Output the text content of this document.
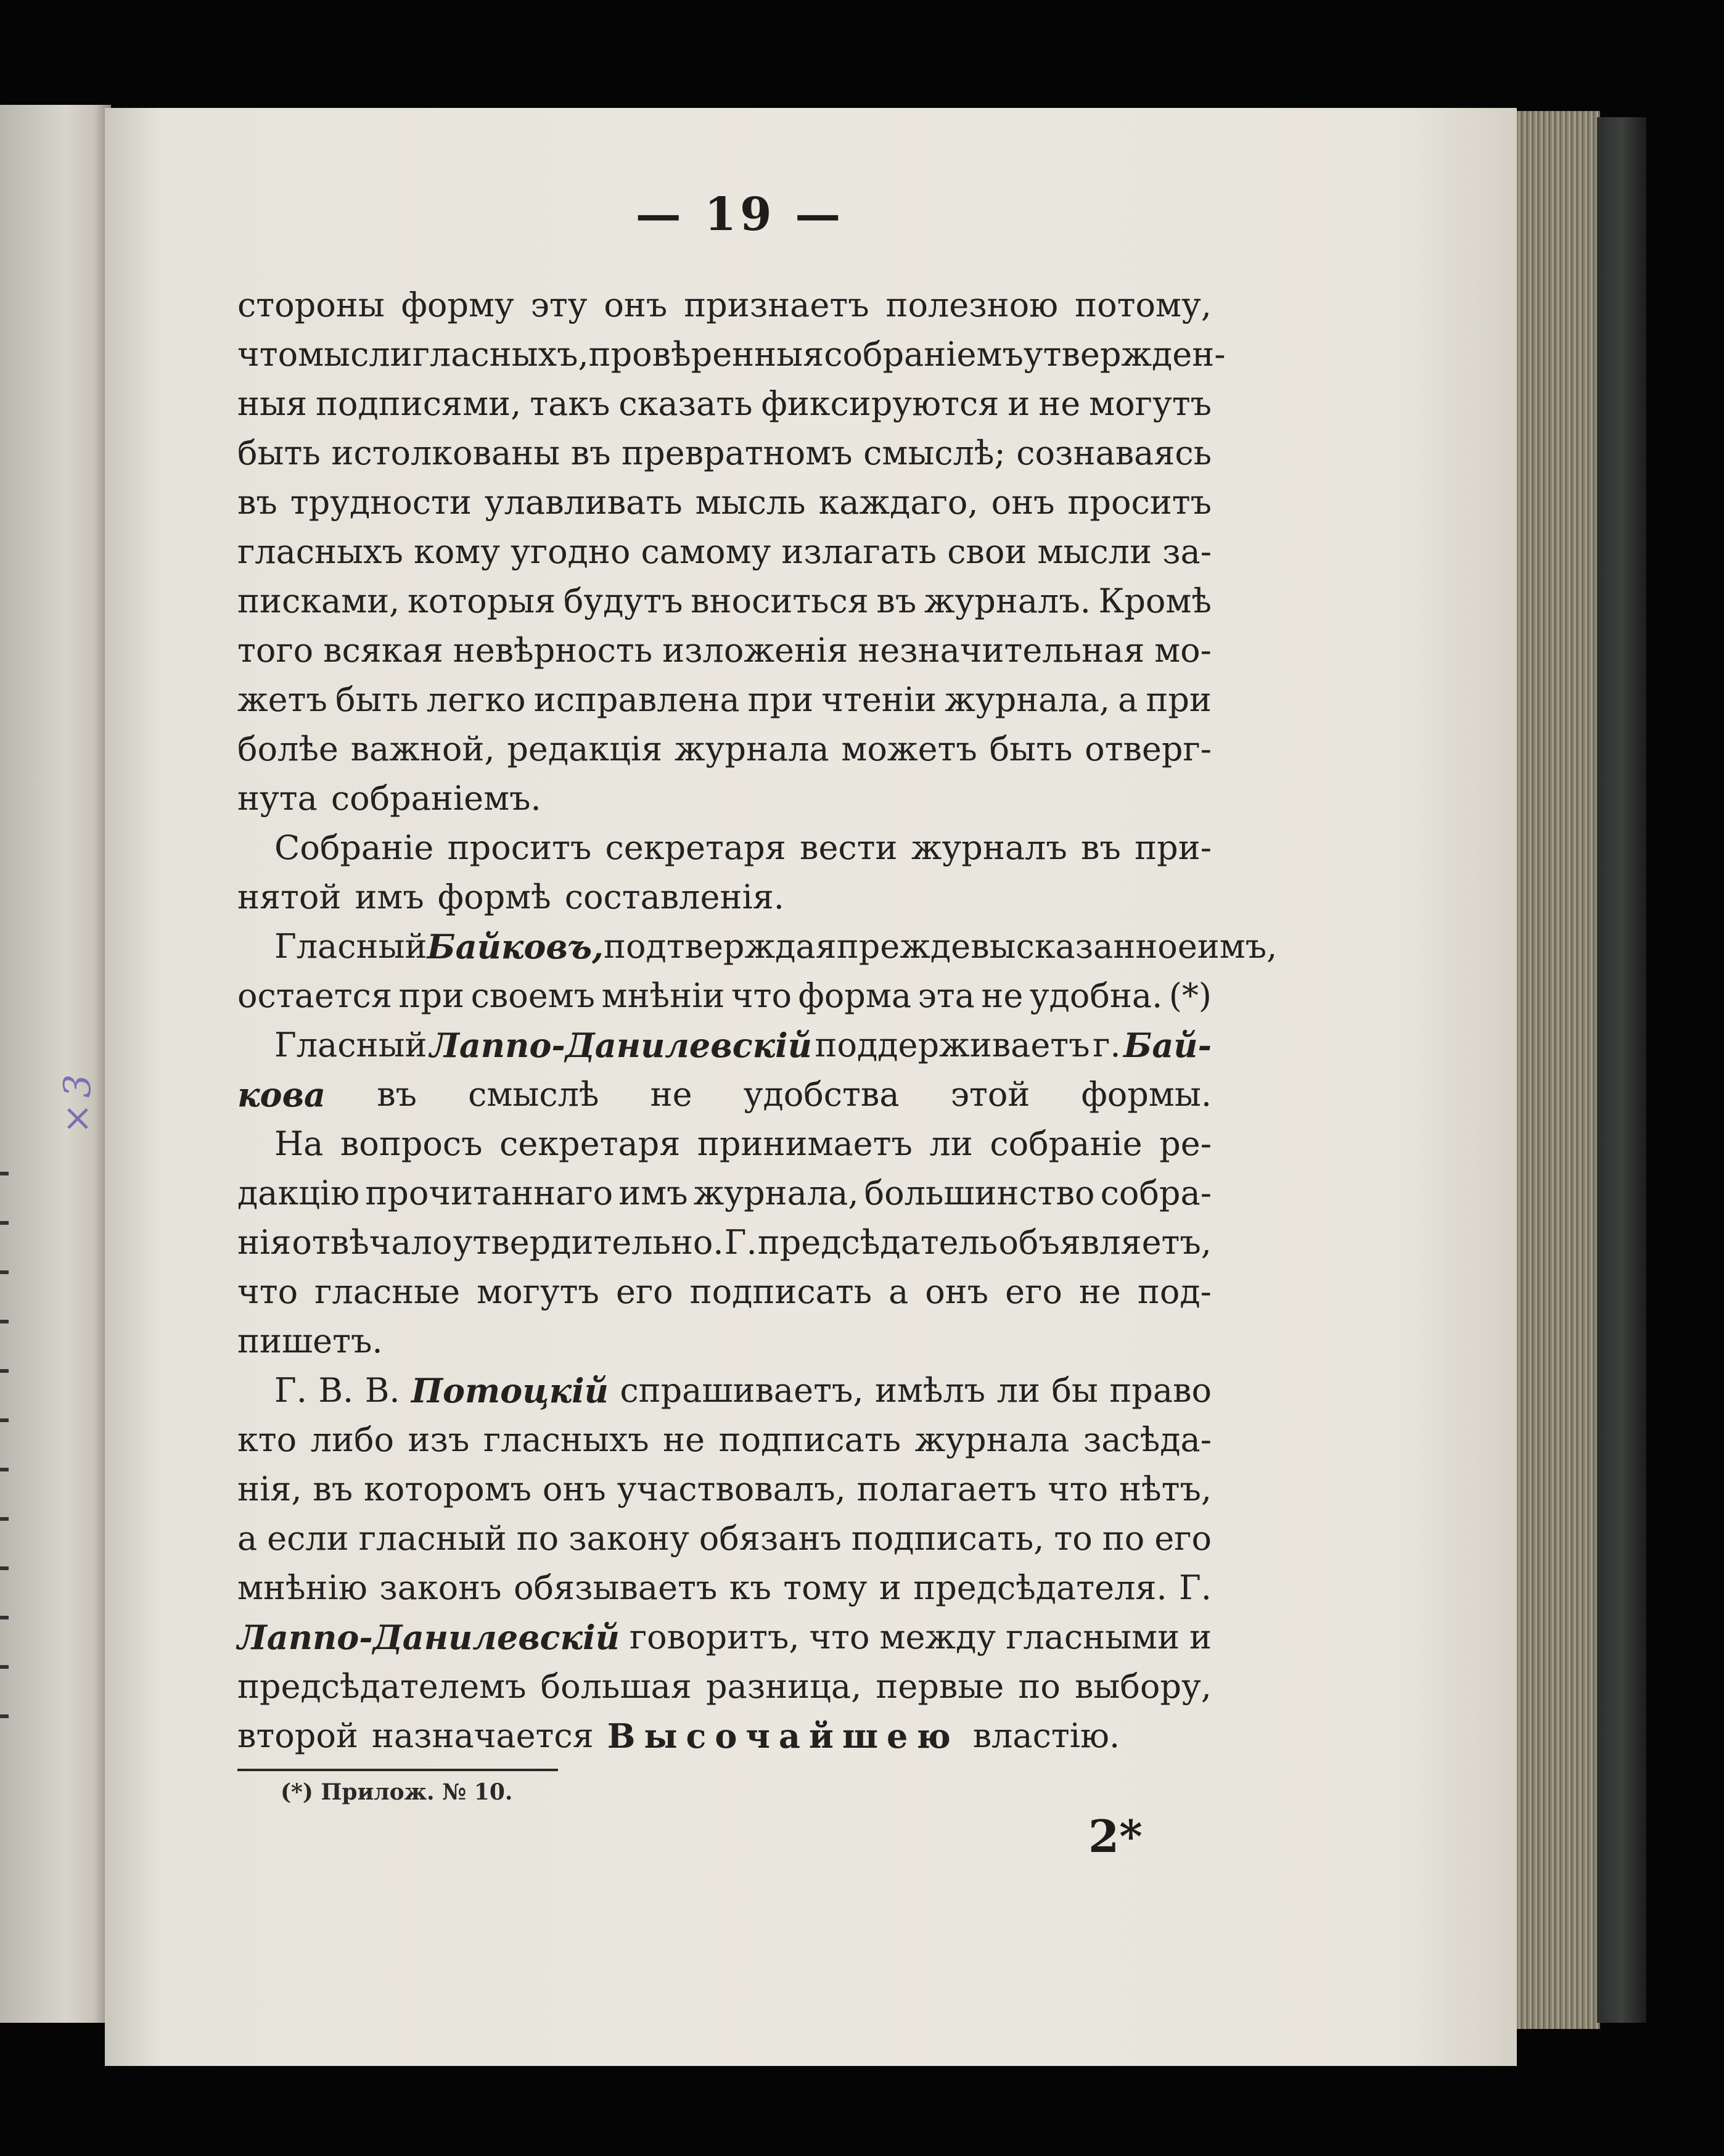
×3
— 19 —
стороны форму эту онъ признаетъ полезною потому,
что мысли гласныхъ, провѣренныя собраніемъ утвержден-
ныя подписями, такъ сказать фиксируются и не могутъ
быть истолкованы въ превратномъ смыслѣ; сознаваясь
въ трудности улавливать мысль каждаго, онъ проситъ
гласныхъ кому угодно самому излагать свои мысли за-
писками, которыя будутъ вноситься въ журналъ. Кромѣ
того всякая невѣрность изложенія незначительная мо-
жетъ быть легко исправлена при чтеніи журнала, а при
болѣе важной, редакція журнала можетъ быть отверг-
нута собраніемъ.
Собраніе проситъ секретаря вести журналъ въ при-
нятой имъ формѣ составленія.
Гласный Байковъ, подтверждая прежде высказанное имъ,
остается при своемъ мнѣніи что форма эта не удобна. (*)
Гласный Лаппо-Данилевскій поддерживаетъ г. Бай-
кова въ смыслѣ не удобства этой формы.
На вопросъ секретаря принимаетъ ли собраніе ре-
дакцію прочитаннаго имъ журнала, большинство собра-
нія отвѣчало утвердительно. Г. предсѣдатель объявляетъ,
что гласные могутъ его подписать а онъ его не под-
пишетъ.
Г. В. В. Потоцкій спрашиваетъ, имѣлъ ли бы право
кто либо изъ гласныхъ не подписать журнала засѣда-
нія, въ которомъ онъ участвовалъ, полагаетъ что нѣтъ,
а если гласный по закону обязанъ подписать, то по его
мнѣнію законъ обязываетъ къ тому и предсѣдателя. Г.
Лаппо-Данилевскій говоритъ, что между гласными и
предсѣдателемъ большая разница, первые по выбору,
второй назначается Высочайшею властію.
(*) Прилож. № 10.
2*
